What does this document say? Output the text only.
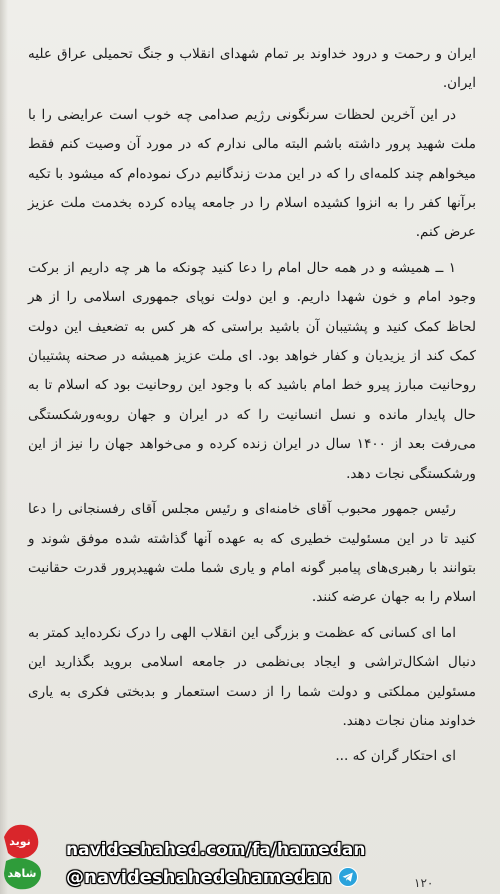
ایران و رحمت و درود خداوند بر تمام شهدای انقلاب و جنگ تحمیلی عراق علیه ایران.

در این آخرین لحظات سرنگونی رژیم صدامی چه خوب است عرایضی را با ملت شهید پرور داشته باشم البته مالی ندارم که در مورد آن وصیت کنم فقط میخواهم چند کلمه‌ای را که در این مدت زندگانیم درک نموده‌ام که میشود با تکیه برآنها کفر را به انزوا کشیده اسلام را در جامعه پیاده کرده بخدمت ملت عزیز عرض کنم.

۱ ــ همیشه و در همه حال امام را دعا کنید چونکه ما هر چه داریم از برکت وجود امام و خون شهدا داریم. و این دولت نوپای جمهوری اسلامی را از هر لحاظ کمک کنید و پشتیبان آن باشید براستی که هر کس به تضعیف این دولت کمک کند از یزیدیان و کفار خواهد بود. ای ملت عزیز همیشه در صحنه پشتیبان روحانیت مبارز پیرو خط امام باشید که با وجود این روحانیت بود که اسلام تا به حال پایدار مانده و نسل انسانیت را که در ایران و جهان روبه‌ورشکستگی می‌رفت بعد از ۱۴۰۰ سال در ایران زنده کرده و می‌خواهد جهان را نیز از این ورشکستگی نجات دهد.

رئیس جمهور محبوب آقای خامنه‌ای و رئیس مجلس آقای رفسنجانی را دعا کنید تا در این مسئولیت خطیری که به عهده آنها گذاشته شده موفق شوند و بتوانند با رهبری‌های پیامبر گونه امام و یاری شما ملت شهیدپرور قدرت حقانیت اسلام را به جهان عرضه کنند.

اما ای کسانی که عظمت و بزرگی این انقلاب الهی را درک نکرده‌اید کمتر به دنبال اشکال‌تراشی و ایجاد بی‌نظمی در جامعه اسلامی بروید بگذارید این مسئولین مملکتی و دولت شما را از دست استعمار و بدبختی فکری به یاری خداوند منان نجات دهند.

ای احتکار گران که ...

نوید
شاهد
navideshahed.com/fa/hamedan
@navideshahedehamedan	۱۲۰
